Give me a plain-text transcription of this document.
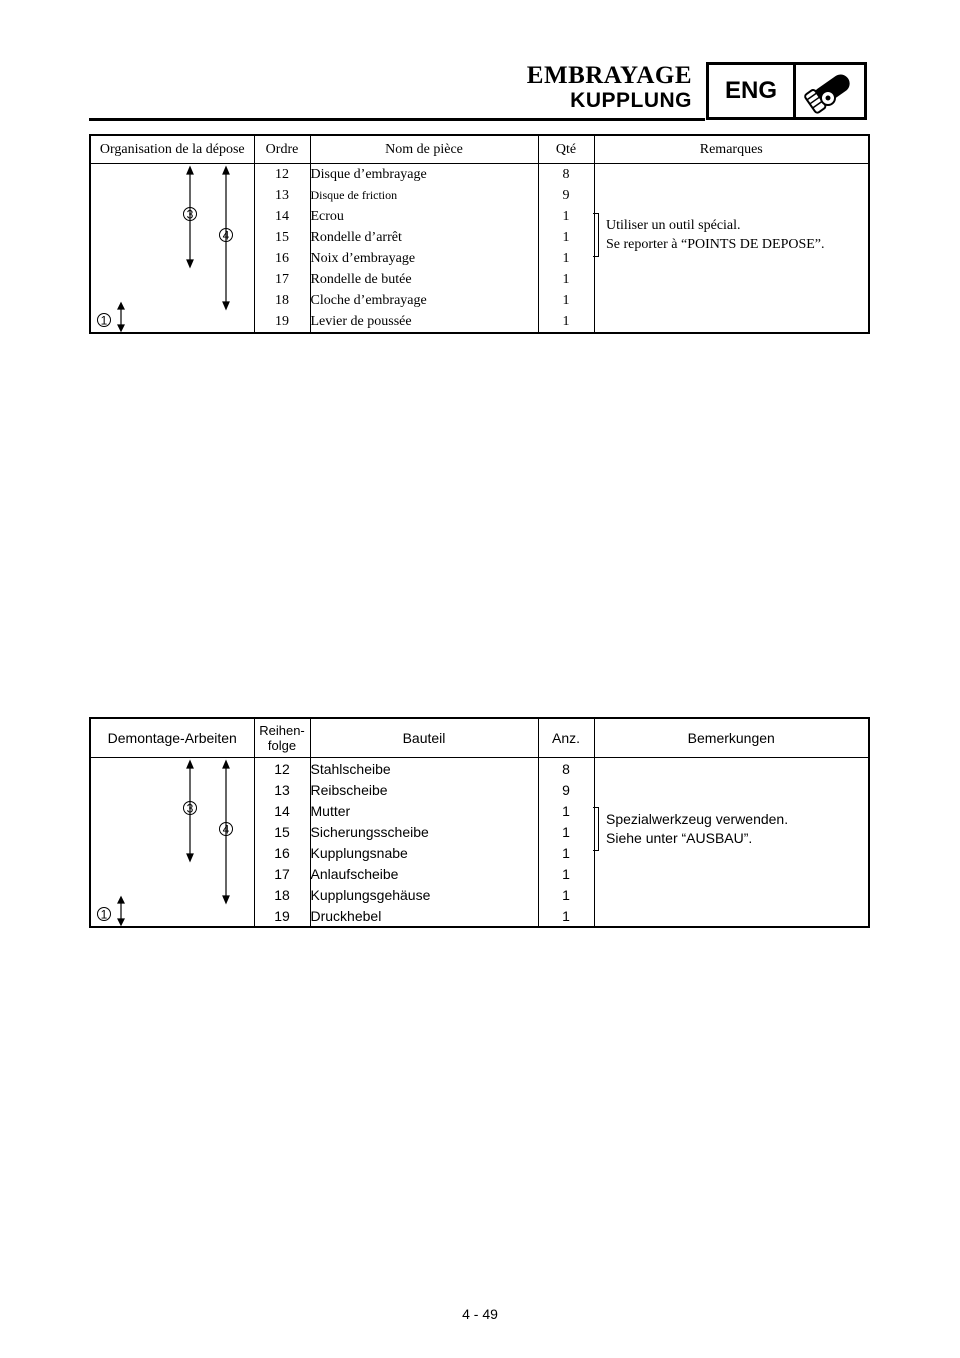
EMBRAYAGE
KUPPLUNG	ENG
Organisation de la dépose	Ordre	Nom de pièce	Qté	Remarques

3
4
1	12	Disque d’embrayage	8	
	13	Disque de friction	9	
	14	Ecrou	1	
	15	Rondelle d’arrêt	1	
	16	Noix d’embrayage	1	
	17	Rondelle de butée	1	
	18	Cloche d’embrayage	1	
	19	Levier de poussée	1	
Utiliser un outil spécial.
Se reporter à “POINTS DE DEPOSE”.
Demontage-Arbeiten	Reihen-
folge	Bauteil	Anz.	Bemerkungen

3
4
1	12	Stahlscheibe	8	
	13	Reibscheibe	9	
	14	Mutter	1	
	15	Sicherungsscheibe	1	
	16	Kupplungsnabe	1	
	17	Anlaufscheibe	1	
	18	Kupplungsgehäuse	1	
	19	Druckhebel	1	
Spezialwerkzeug verwenden.
Siehe unter “AUSBAU”.
4 - 49
